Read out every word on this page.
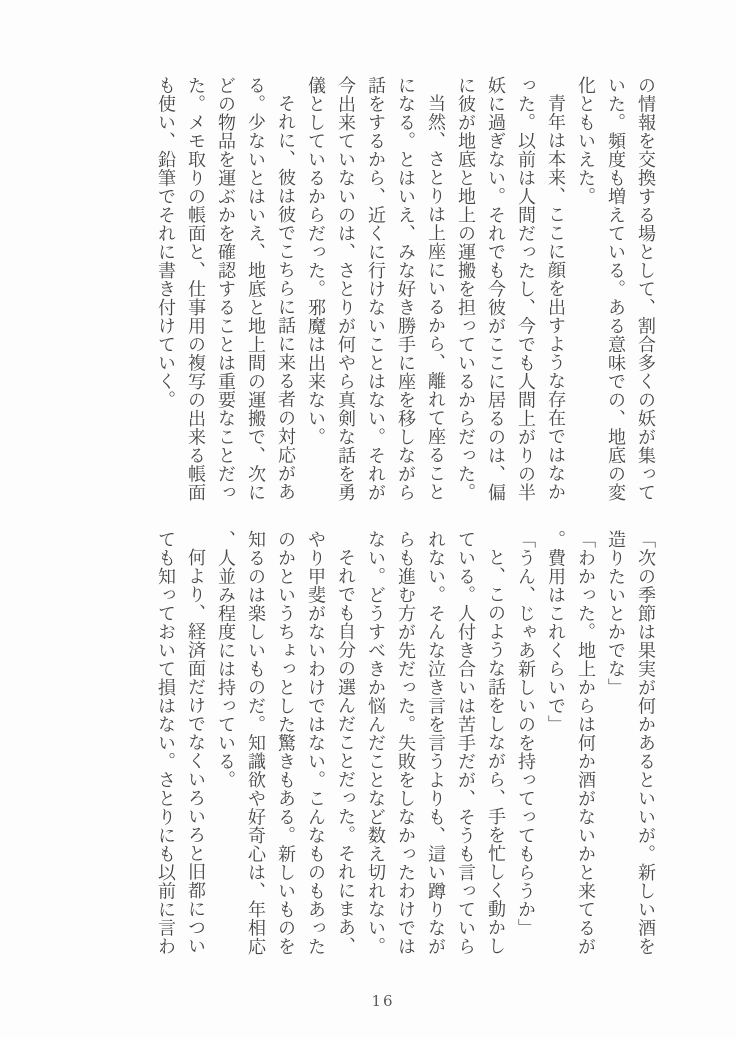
の情報を交換する場として、割合多くの妖が集っていた。頻度も増えている。ある意味での、地底の変化ともいえた。

青年は本来、ここに顔を出すような存在ではなかった。以前は人間だったし、今でも人間上がりの半妖に過ぎない。それでも今彼がここに居るのは、偏に彼が地底と地上の運搬を担っているからだった。

当然、さとりは上座にいるから、離れて座ることになる。とはいえ、みな好き勝手に座を移しながら話をするから、近くに行けないことはない。それが今出来ていないのは、さとりが何やら真剣な話を勇儀としているからだった。邪魔は出来ない。

それに、彼は彼でこちらに話に来る者の対応がある。少ないとはいえ、地底と地上間の運搬で、次にどの物品を運ぶかを確認することは重要なことだった。メモ取りの帳面と、仕事用の複写の出来る帳面も使い、鉛筆でそれに書き付けていく。

「次の季節は果実が何かあるといいが。新しい酒を造りたいとかでな」

「わかった。地上からは何か酒がないかと来てるが。費用はこれくらいで」

「うん、じゃあ新しいのを持ってってもらうか」

と、このような話をしながら、手を忙しく動かしている。人付き合いは苦手だが、そうも言っていられない。そんな泣き言を言うよりも、這い蹲りながらも進む方が先だった。失敗をしなかったわけではない。どうすべきか悩んだことなど数え切れない。

それでも自分の選んだことだった。それにまあ、やり甲斐がないわけではない。こんなものもあったのかというちょっとした驚きもある。新しいものを知るのは楽しいものだ。知識欲や好奇心は、年相応、人並み程度には持っている。

何より、経済面だけでなくいろいろと旧都についても知っておいて損はない。さとりにも以前に言わ

16
